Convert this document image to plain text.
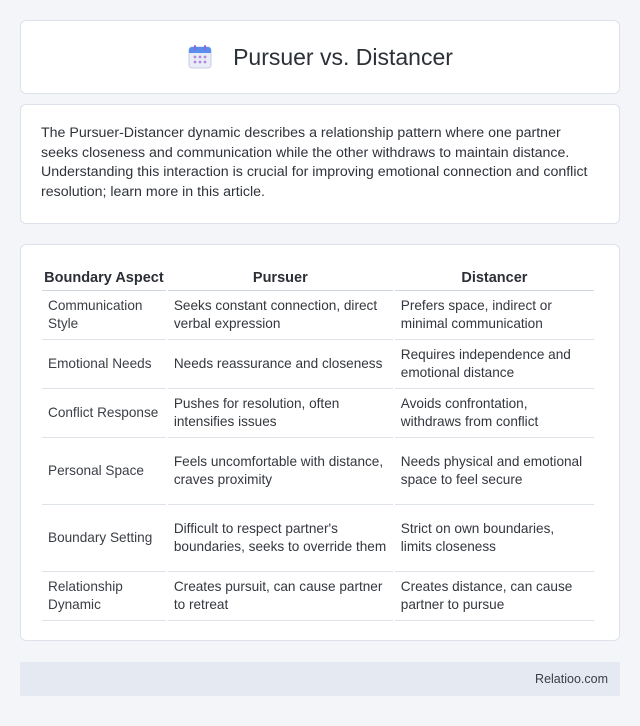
Pursuer vs. Distancer

The Pursuer-Distancer dynamic describes a relationship pattern where one partner seeks closeness and communication while the other withdraws to maintain distance. Understanding this interaction is crucial for improving emotional connection and conflict resolution; learn more in this article.

Boundary Aspect	Pursuer	Distancer
Communication Style	Seeks constant connection, direct verbal expression	Prefers space, indirect or minimal communication
Emotional Needs	Needs reassurance and closeness	Requires independence and emotional distance
Conflict Response	Pushes for resolution, often intensifies issues	Avoids confrontation, withdraws from conflict
Personal Space	Feels uncomfortable with distance, craves proximity	Needs physical and emotional space to feel secure
Boundary Setting	Difficult to respect partner's boundaries, seeks to override them	Strict on own boundaries, limits closeness
Relationship Dynamic	Creates pursuit, can cause partner to retreat	Creates distance, can cause partner to pursue
Relatioo.com
